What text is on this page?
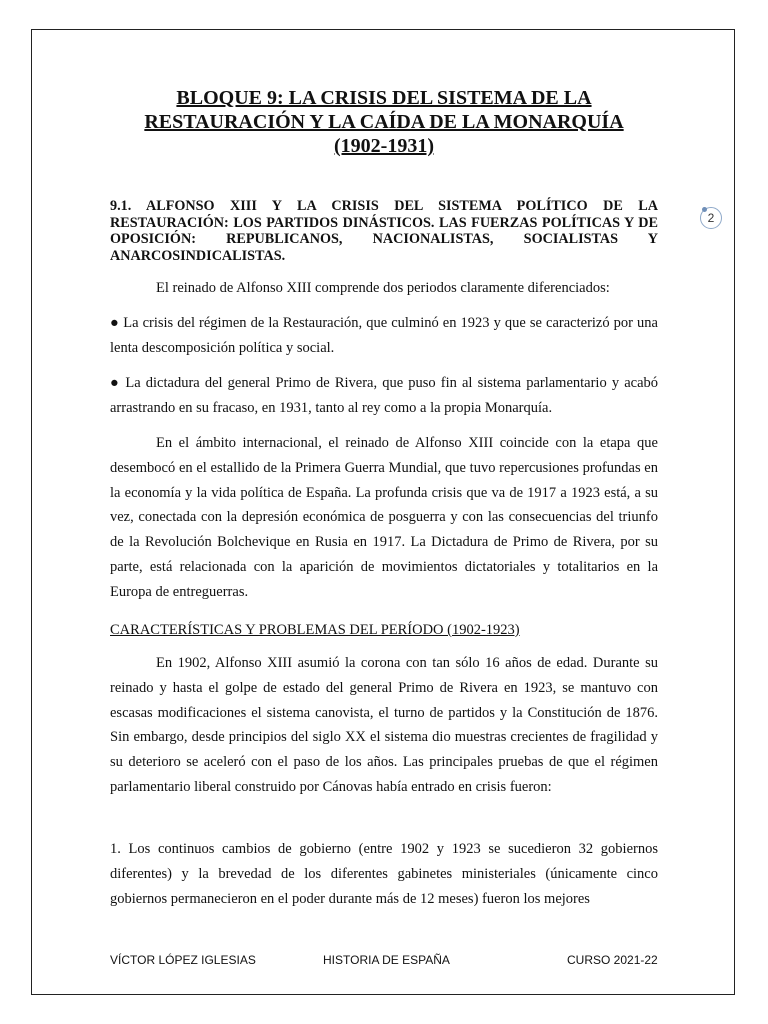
BLOQUE 9: LA CRISIS DEL SISTEMA DE LA
RESTAURACIÓN Y LA CAÍDA DE LA MONARQUÍA
(1902-1931)

9.1. ALFONSO XIII Y LA CRISIS DEL SISTEMA POLÍTICO DE LA RESTAURACIÓN: LOS PARTIDOS DINÁSTICOS. LAS FUERZAS POLÍTICAS Y DE OPOSICIÓN: REPUBLICANOS, NACIONALISTAS, SOCIALISTAS Y ANARCOSINDICALISTAS.

2

El reinado de Alfonso XIII comprende dos periodos claramente diferenciados:

● La crisis del régimen de la Restauración, que culminó en 1923 y que se caracterizó por una lenta descomposición política y social.

● La dictadura del general Primo de Rivera, que puso fin al sistema parlamentario y acabó arrastrando en su fracaso, en 1931, tanto al rey como a la propia Monarquía.

En el ámbito internacional, el reinado de Alfonso XIII coincide con la etapa que desembocó en el estallido de la Primera Guerra Mundial, que tuvo repercusiones profundas en la economía y la vida política de España. La profunda crisis que va de 1917 a 1923 está, a su vez, conectada con la depresión económica de posguerra y con las consecuencias del triunfo de la Revolución Bolchevique en Rusia en 1917. La Dictadura de Primo de Rivera, por su parte, está relacionada con la aparición de movimientos dictatoriales y totalitarios en la Europa de entreguerras.

CARACTERÍSTICAS Y PROBLEMAS DEL PERÍODO (1902-1923)

En 1902, Alfonso XIII asumió la corona con tan sólo 16 años de edad. Durante su reinado y hasta el golpe de estado del general Primo de Rivera en 1923, se mantuvo con escasas modificaciones el sistema canovista, el turno de partidos y la Constitución de 1876. Sin embargo, desde principios del siglo XX el sistema dio muestras crecientes de fragilidad y su deterioro se aceleró con el paso de los años. Las principales pruebas de que el régimen parlamentario liberal construido por Cánovas había entrado en crisis fueron:

1. Los continuos cambios de gobierno (entre 1902 y 1923 se sucedieron 32 gobiernos diferentes) y la brevedad de los diferentes gabinetes ministeriales (únicamente cinco gobiernos permanecieron en el poder durante más de 12 meses) fueron los mejores

VÍCTOR LÓPEZ IGLESIAS	HISTORIA DE ESPAÑA	CURSO 2021-22
